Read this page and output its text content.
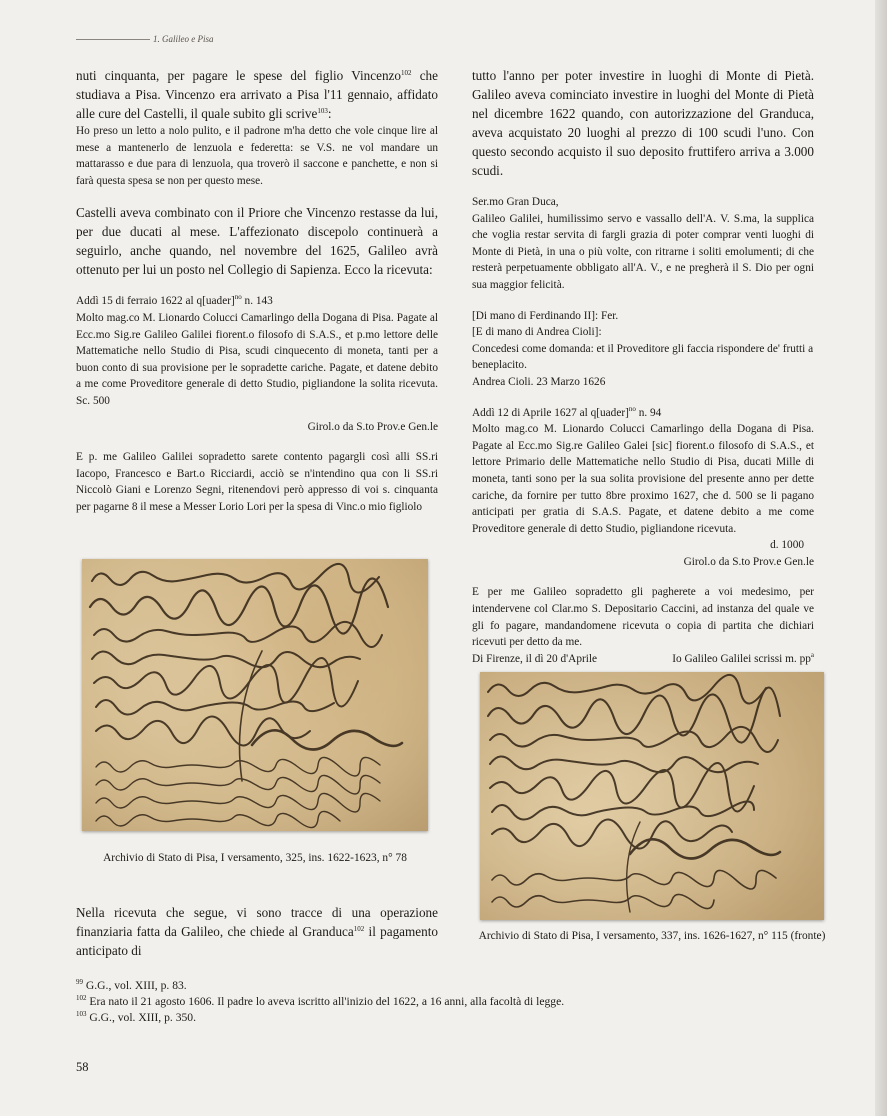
1. Galileo e Pisa

nuti cinquanta, per pagare le spese del figlio Vincenzo$^{102}$ che studiava a Pisa. Vincenzo era arrivato a Pisa l'11 gennaio, affidato alle cure del Castelli, il quale subito gli scrive$^{103}$:

Ho preso un letto a nolo pulito, e il padrone m'ha detto che vole cinque lire al mese a mantenerlo de lenzuola e federetta: se V.S. ne vol mandare un mattarasso e due para di lenzuola, qua troverò il saccone e panchette, e non si farà questa spesa se non per questo mese.

Castelli aveva combinato con il Priore che Vincenzo restasse da lui, per due ducati al mese. L'affezionato discepolo continuerà a seguirlo, anche quando, nel novembre del 1625, Galileo avrà ottenuto per lui un posto nel Collegio di Sapienza. Ecco la ricevuta:

Addì 15 di ferraio 1622 al q[uader]$^{no}$ n. 143

Molto mag.co M. Lionardo Colucci Camarlingo della Dogana di Pisa. Pagate al Ecc.mo Sig.re Galileo Galilei fiorent.o filosofo di S.A.S., et p.mo lettore delle Mattematiche nello Studio di Pisa, scudi cinquecento di moneta, tanti per a buon conto di sua provisione per le sopradette cariche. Pagate, et datene debito a me come Proveditore generale di detto Studio, pigliandone la solita ricevuta. Sc. 500

Girol.o da S.to Prov.e Gen.le

E p. me Galileo Galilei sopradetto sarete contento pagargli così alli SS.ri Iacopo, Francesco e Bart.o Ricciardi, acciò se n'intendino qua con li SS.ri Niccolò Giani e Lorenzo Segni, ritenendovi però appresso di voi s. cinquanta per pagarne 8 il mese a Messer Lorio Lori per la spesa di Vinc.o mio figliolo

Archivio di Stato di Pisa, I versamento, 325, ins. 1622-1623, n° 78

Nella ricevuta che segue, vi sono tracce di una operazione finanziaria fatta da Galileo, che chiede al Granduca$^{102}$ il pagamento anticipato di

tutto l'anno per poter investire in luoghi di Monte di Pietà. Galileo aveva cominciato investire in luoghi del Monte di Pietà nel dicembre 1622 quando, con autorizzazione del Granduca, aveva acquistato 20 luoghi al prezzo di 100 scudi l'uno. Con questo secondo acquisto il suo deposito fruttifero arriva a 3.000 scudi.

Ser.mo Gran Duca,

Galileo Galilei, humilissimo servo e vassallo dell'A. V. S.ma, la supplica che voglia restar servita di fargli grazia di poter comprar venti luoghi di Monte di Pietà, in una o più volte, con ritrarne i soliti emolumenti; di che resterà perpetuamente obbligato all'A. V., e ne pregherà il S. Dio per ogni sua maggior felicità.

[Di mano di Ferdinando II]: Fer.

[E di mano di Andrea Cioli]:

Concedesi come domanda: et il Proveditore gli faccia rispondere de' frutti a beneplacito.

Andrea Cioli. 23 Marzo 1626

Addì 12 di Aprile 1627 al q[uader]$^{no}$ n. 94

Molto mag.co M. Lionardo Colucci Camarlingo della Dogana di Pisa. Pagate al Ecc.mo Sig.re Galileo Galei [sic] fiorent.o filosofo di S.A.S., et lettore Primario delle Mattematiche nello Studio di Pisa, ducati Mille di moneta, tanti sono per la sua solita provisione del presente anno per dette cariche, da fornire per tutto 8bre proximo 1627, che d. 500 se li pagano anticipati per gratia di S.A.S. Pagate, et datene debito a me come Proveditore generale di detto Studio, pigliandone ricevuta.

d. 1000

Girol.o da S.to Prov.e Gen.le

E per me Galileo sopradetto gli pagherete a voi medesimo, per intendervene col Clar.mo S. Depositario Caccini, ad instanza del quale ve gli fo pagare, mandandomene ricevuta o copia di partita che dichiari ricevuti per detto da me.

Di Firenze, il dì 20 d'Aprile	Io Galileo Galilei scrissi m. $pp^a$

Archivio di Stato di Pisa, I versamento, 337, ins. 1626-1627, n° 115 (fronte)
$^{99}$ G.G., vol. XIII, p. 83.
$^{102}$ Era nato il 21 agosto 1606. Il padre lo aveva iscritto all'inizio del 1622, a 16 anni, alla facoltà di legge.
$^{103}$ G.G., vol. XIII, p. 350.
58
